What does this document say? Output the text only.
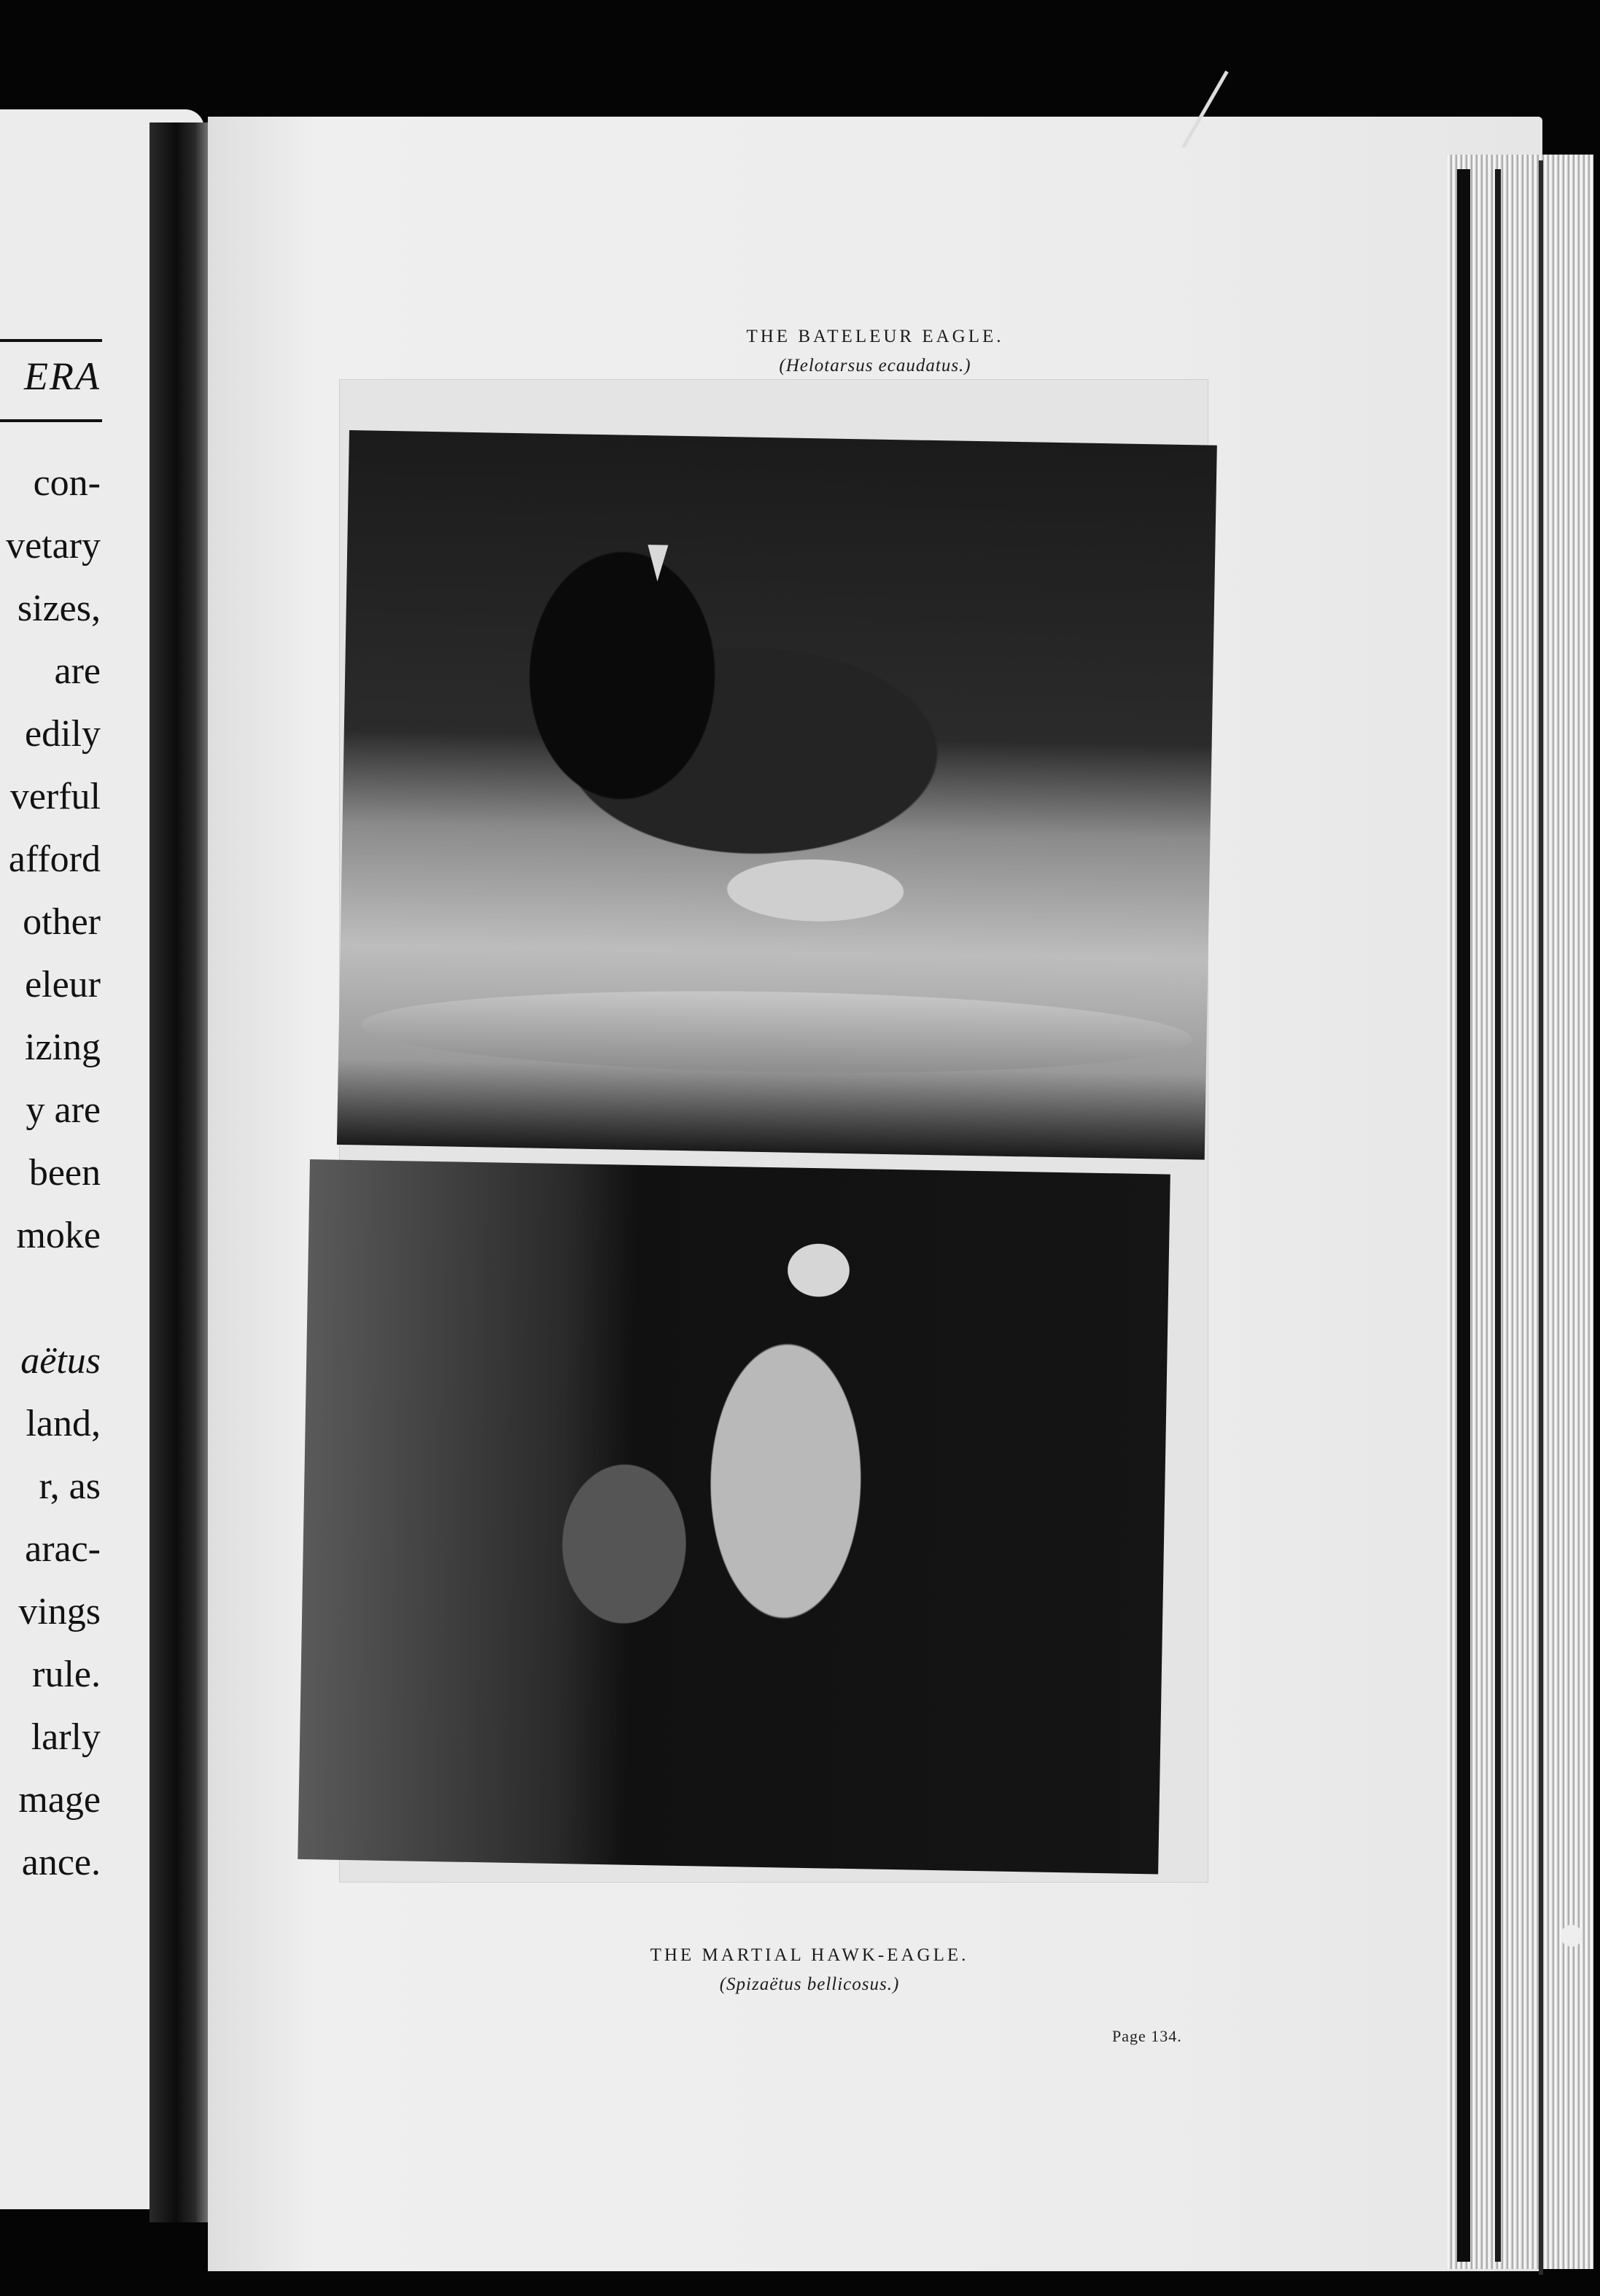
ERA
con-
vetary
sizes,
are
edily
verful
afford
other
eleur
izing
y are
been
moke
aëtus
land,
r, as
arac-
vings
rule.
larly
mage
ance.
THE BATELEUR EAGLE.
(Helotarsus ecaudatus.)
THE MARTIAL HAWK-EAGLE.
(Spizaëtus bellicosus.)
Page 134.
